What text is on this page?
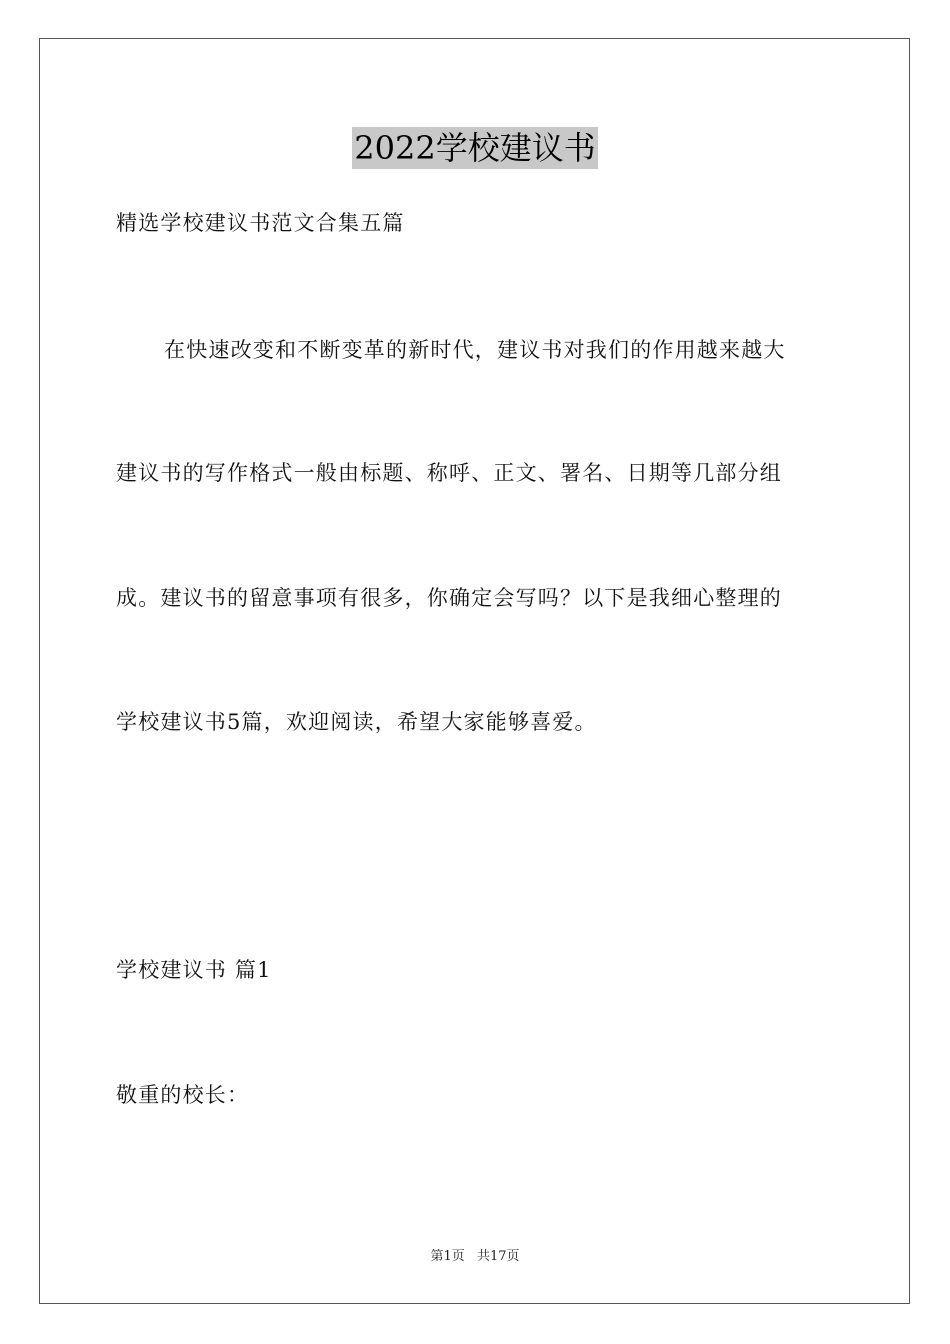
2022学校建议书
精选学校建议书范文合集五篇
在快速改变和不断变革的新时代，建议书对我们的作用越来越大
建议书的写作格式一般由标题、称呼、正文、署名、日期等几部分组
成。建议书的留意事项有很多，你确定会写吗？以下是我细心整理的
学校建议书5篇，欢迎阅读，希望大家能够喜爱。
学校建议书 篇1
敬重的校长：
第1页 共17页
